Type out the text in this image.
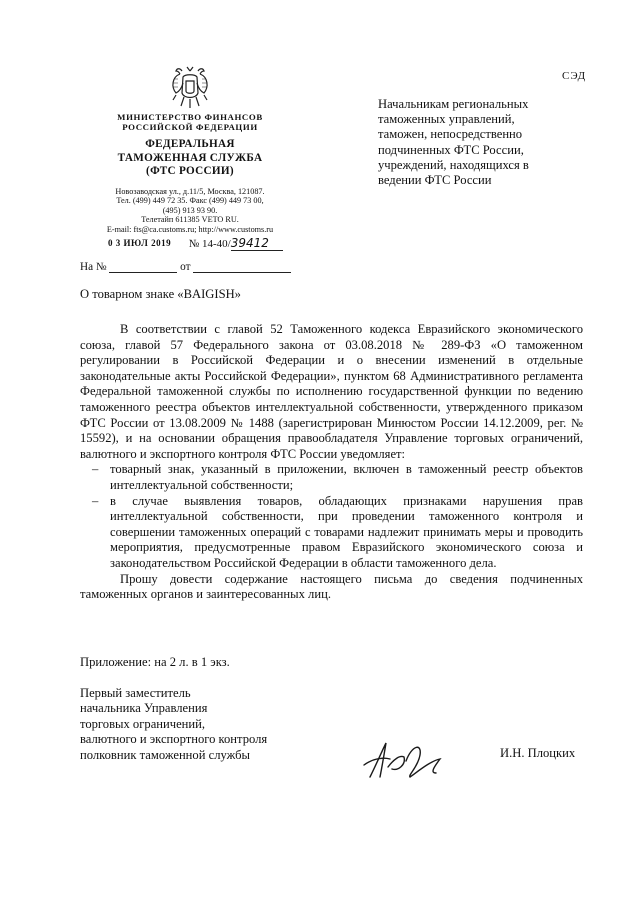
СЭД
МИНИСТЕРСТВО ФИНАНСОВ
РОССИЙСКОЙ ФЕДЕРАЦИИ
ФЕДЕРАЛЬНАЯ
ТАМОЖЕННАЯ СЛУЖБА
(ФТС РОССИИ)
Новозаводская ул., д.11/5, Москва, 121087.
Тел. (499) 449 72 35. Факс (499) 449 73 00,
(495) 913 93 90.
Телетайп 611385 VETO RU.
E-mail: fts@ca.customs.ru; http://www.customs.ru
0 3 ИЮЛ 2019 № 14-40/39412
На №	от
Начальникам региональных
таможенных управлений,
таможен, непосредственно
подчиненных ФТС России,
учреждений, находящихся в
ведении ФТС России
О товарном знаке «BAIGISH»

В соответствии с главой 52 Таможенного кодекса Евразийского экономического союза, главой 57 Федерального закона от 03.08.2018 № 289-ФЗ «О таможенном регулировании в Российской Федерации и о внесении изменений в отдельные законодательные акты Российской Федерации», пунктом 68 Административного регламента Федеральной таможенной службы по исполнению государственной функции по ведению таможенного реестра объектов интеллектуальной собственности, утвержденного приказом ФТС России от 13.08.2009 № 1488 (зарегистрирован Минюстом России 14.12.2009, рег. № 15592), и на основании обращения правообладателя Управление торговых ограничений, валютного и экспортного контроля ФТС России уведомляет:

– товарный знак, указанный в приложении, включен в таможенный реестр объектов интеллектуальной собственности;

– в случае выявления товаров, обладающих признаками нарушения прав интеллектуальной собственности, при проведении таможенного контроля и совершении таможенных операций с товарами надлежит принимать меры и проводить мероприятия, предусмотренные правом Евразийского экономического союза и законодательством Российской Федерации в области таможенного дела.

Прошу довести содержание настоящего письма до сведения подчиненных таможенных органов и заинтересованных лиц.

Приложение: на 2 л. в 1 экз.
Первый заместитель
начальника Управления
торговых ограничений,
валютного и экспортного контроля
полковник таможенной службы	И.Н. Плоцких
